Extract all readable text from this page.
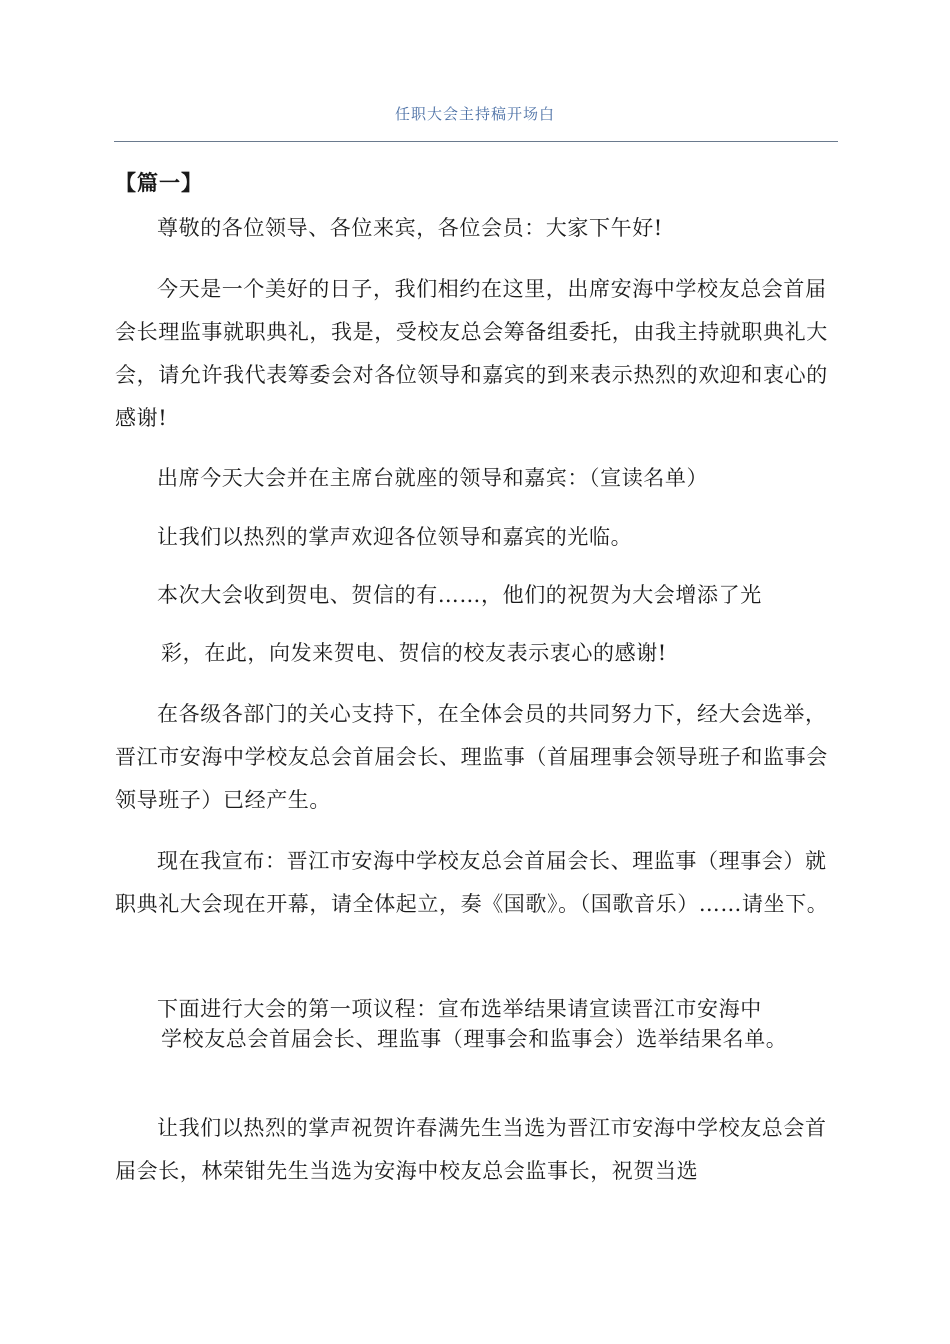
任职大会主持稿开场白
【篇一】

尊敬的各位领导、各位来宾，各位会员：大家下午好!

今天是一个美好的日子，我们相约在这里，出席安海中学校友总会首届会长理监事就职典礼，我是，受校友总会筹备组委托，由我主持就职典礼大会，请允许我代表筹委会对各位领导和嘉宾的到来表示热烈的欢迎和衷心的感谢!

出席今天大会并在主席台就座的领导和嘉宾：（宣读名单）

让我们以热烈的掌声欢迎各位领导和嘉宾的光临。

本次大会收到贺电、贺信的有……，他们的祝贺为大会增添了光

彩，在此，向发来贺电、贺信的校友表示衷心的感谢!

在各级各部门的关心支持下，在全体会员的共同努力下，经大会选举，晋江市安海中学校友总会首届会长、理监事（首届理事会领导班子和监事会领导班子）已经产生。

现在我宣布：晋江市安海中学校友总会首届会长、理监事（理事会）就职典礼大会现在开幕，请全体起立，奏《国歌》。（国歌音乐）……请坐下。

下面进行大会的第一项议程：宣布选举结果请宣读晋江市安海中

学校友总会首届会长、理监事（理事会和监事会）选举结果名单。

让我们以热烈的掌声祝贺许春满先生当选为晋江市安海中学校友总会首届会长，林荣钳先生当选为安海中校友总会监事长，祝贺当选
